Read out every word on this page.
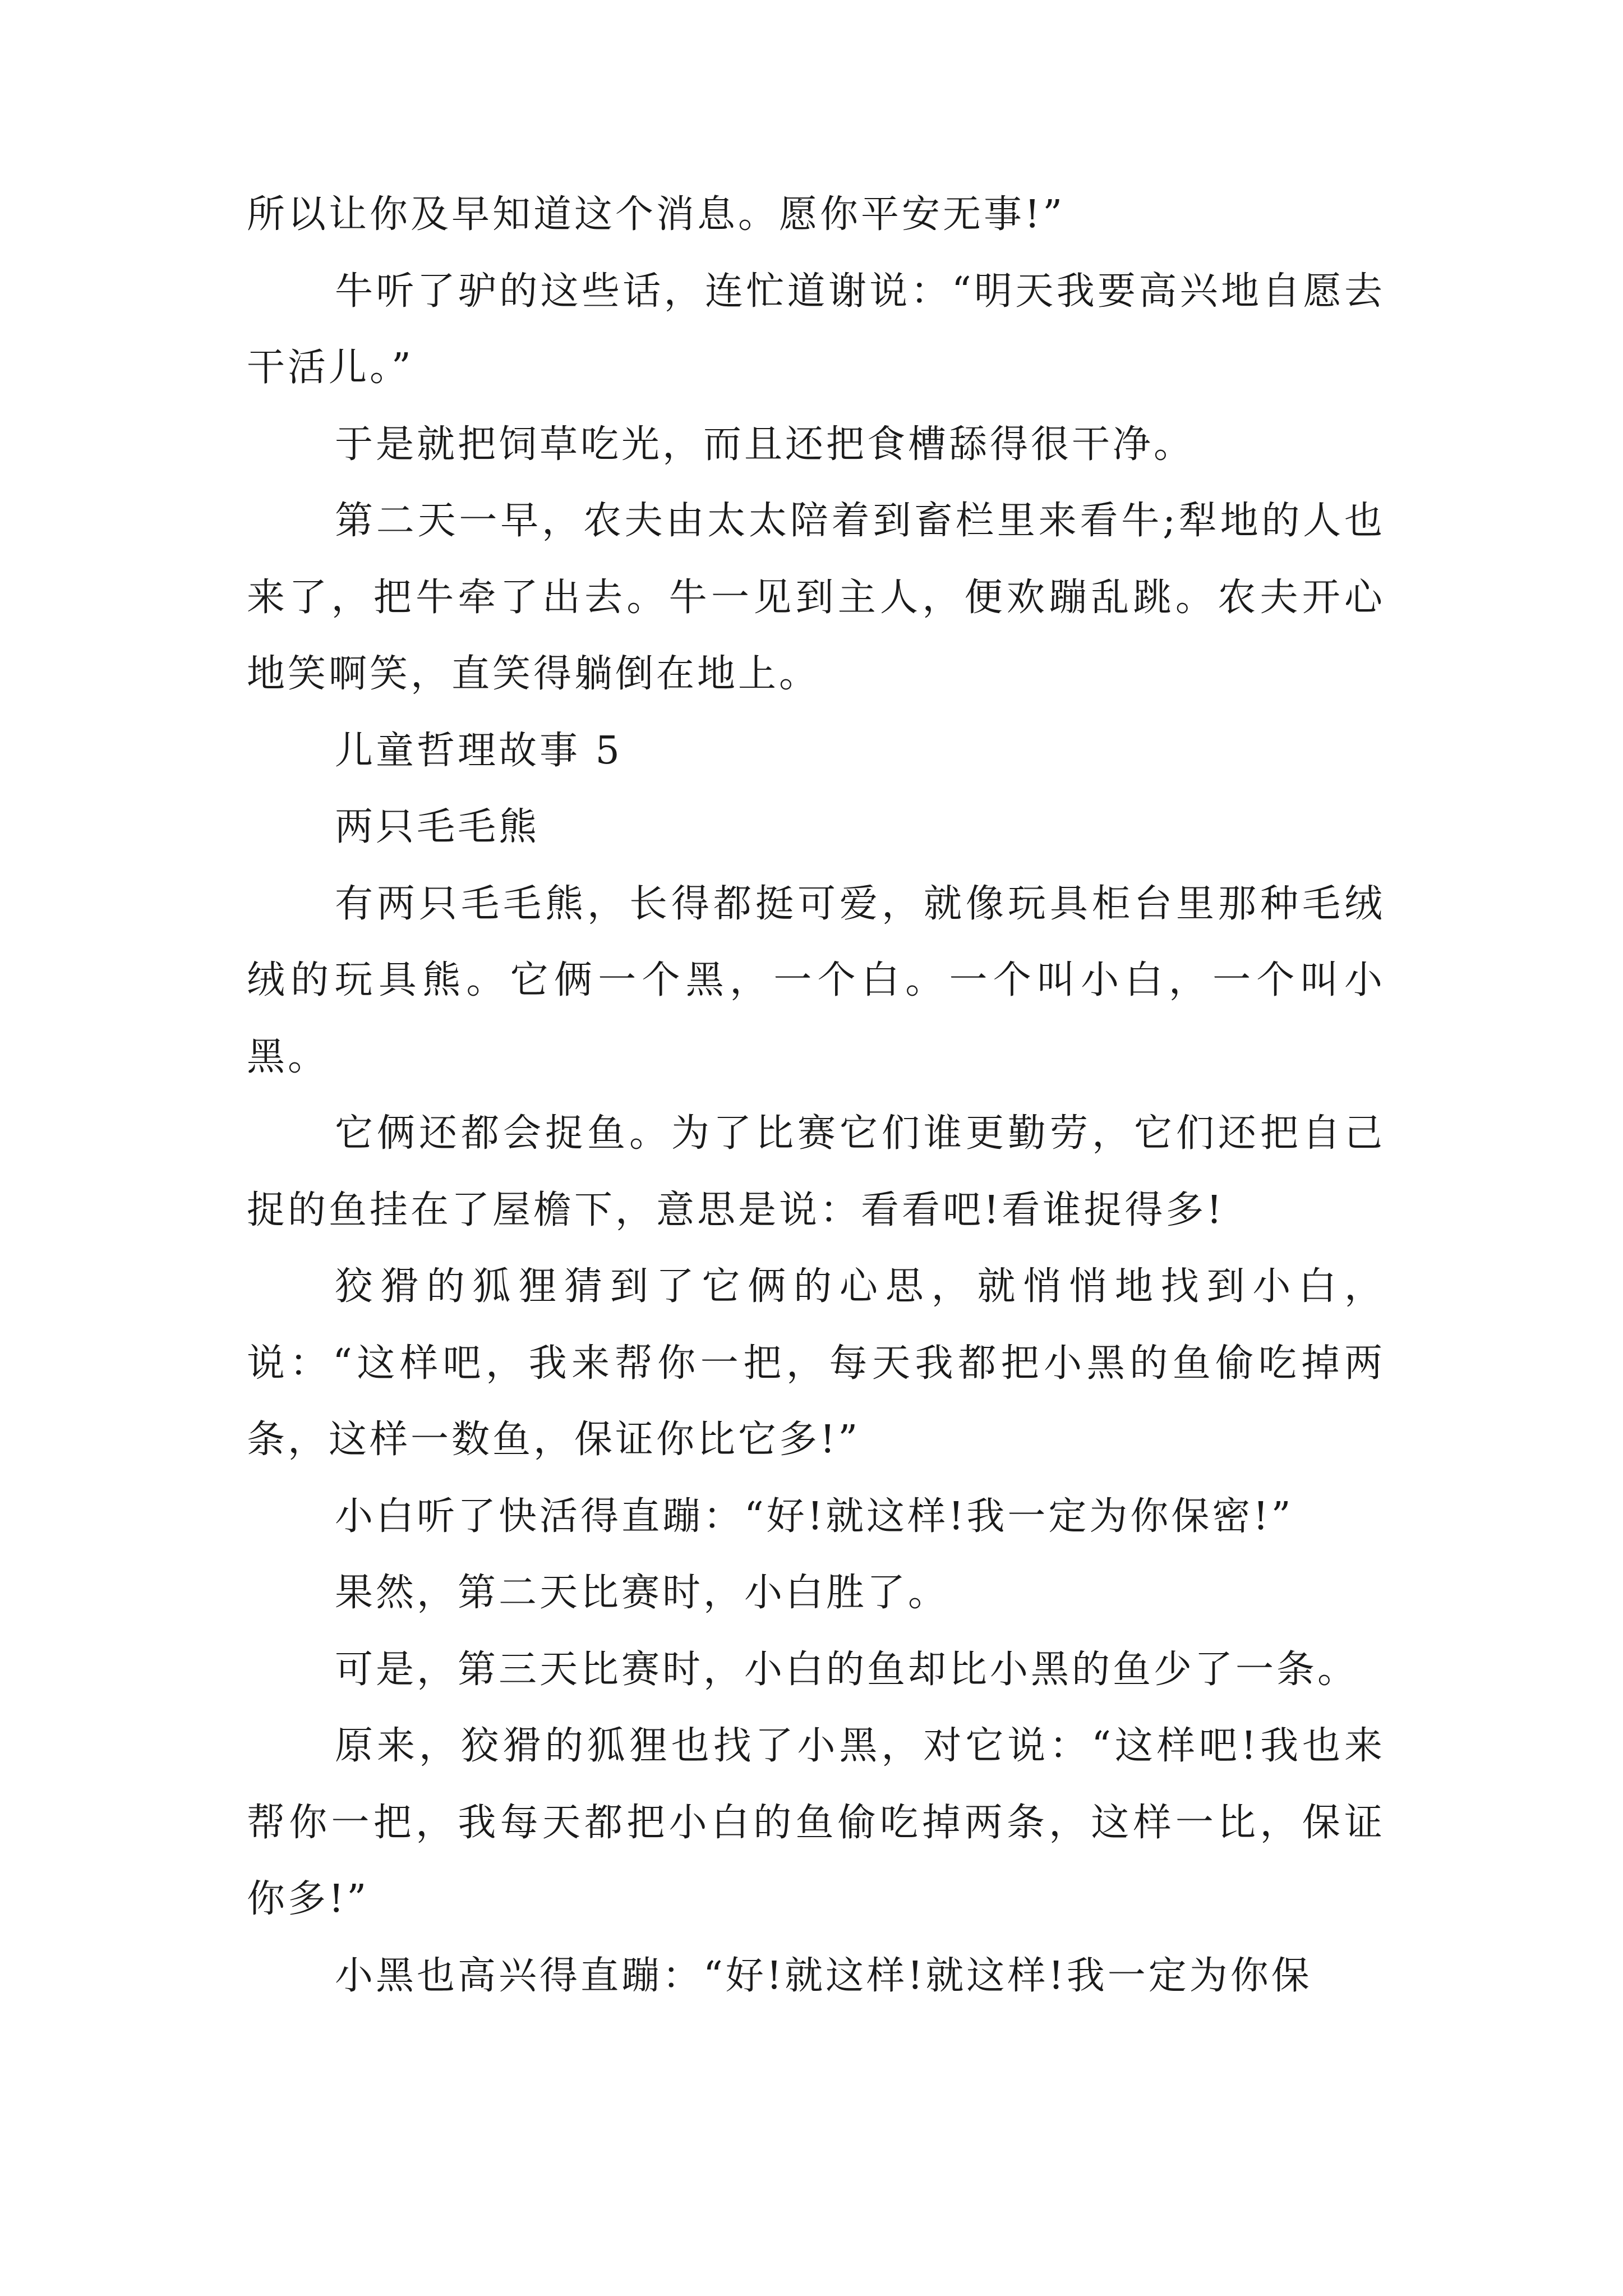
所以让你及早知道这个消息。愿你平安无事!”

牛听了驴的这些话，连忙道谢说：“明天我要高兴地自愿去干活儿。”

于是就把饲草吃光，而且还把食槽舔得很干净。

第二天一早，农夫由太太陪着到畜栏里来看牛;犁地的人也来了，把牛牵了出去。牛一见到主人，便欢蹦乱跳。农夫开心地笑啊笑，直笑得躺倒在地上。

儿童哲理故事 5

两只毛毛熊

有两只毛毛熊，长得都挺可爱，就像玩具柜台里那种毛绒绒的玩具熊。它俩一个黑，一个白。一个叫小白，一个叫小黑。

它俩还都会捉鱼。为了比赛它们谁更勤劳，它们还把自己捉的鱼挂在了屋檐下，意思是说：看看吧!看谁捉得多!

狡猾的狐狸猜到了它俩的心思，就悄悄地找到小白，说：“这样吧，我来帮你一把，每天我都把小黑的鱼偷吃掉两条，这样一数鱼，保证你比它多!”

小白听了快活得直蹦：“好!就这样!我一定为你保密!”

果然，第二天比赛时，小白胜了。

可是，第三天比赛时，小白的鱼却比小黑的鱼少了一条。

原来，狡猾的狐狸也找了小黑，对它说：“这样吧!我也来帮你一把，我每天都把小白的鱼偷吃掉两条，这样一比，保证你多!”

小黑也高兴得直蹦：“好!就这样!就这样!我一定为你保
